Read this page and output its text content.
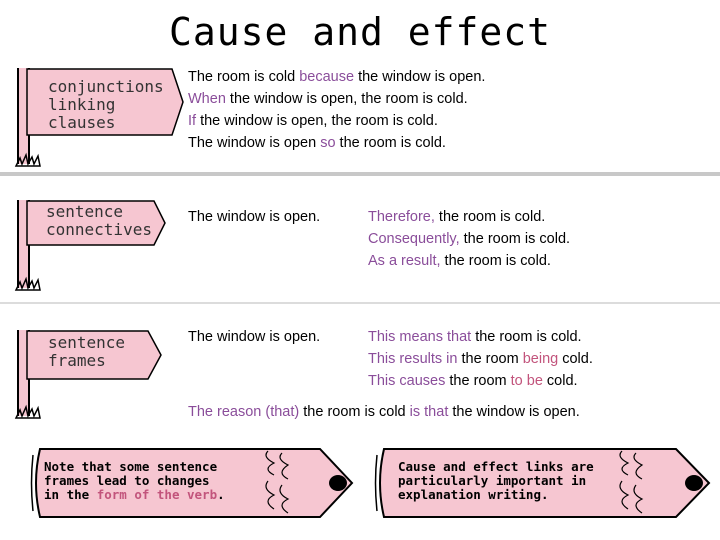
Cause and effect
conjunctions
linking
clauses
The room is cold because the window is open.
When the window is open, the room is cold.
If the window is open, the room is cold.
The window is open so the room is cold.
sentence
connectives
The window is open.	Therefore, the room is cold.
Consequently, the room is cold.
As a result, the room is cold.
sentence
frames
The window is open.	This means that the room is cold.
This results in the room being cold.
This causes the room to be cold.
The reason (that) the room is cold is that the window is open.
Note that some sentence
frames lead to changes
in the form of the verb.
Cause and effect links are
particularly important in
explanation writing.
